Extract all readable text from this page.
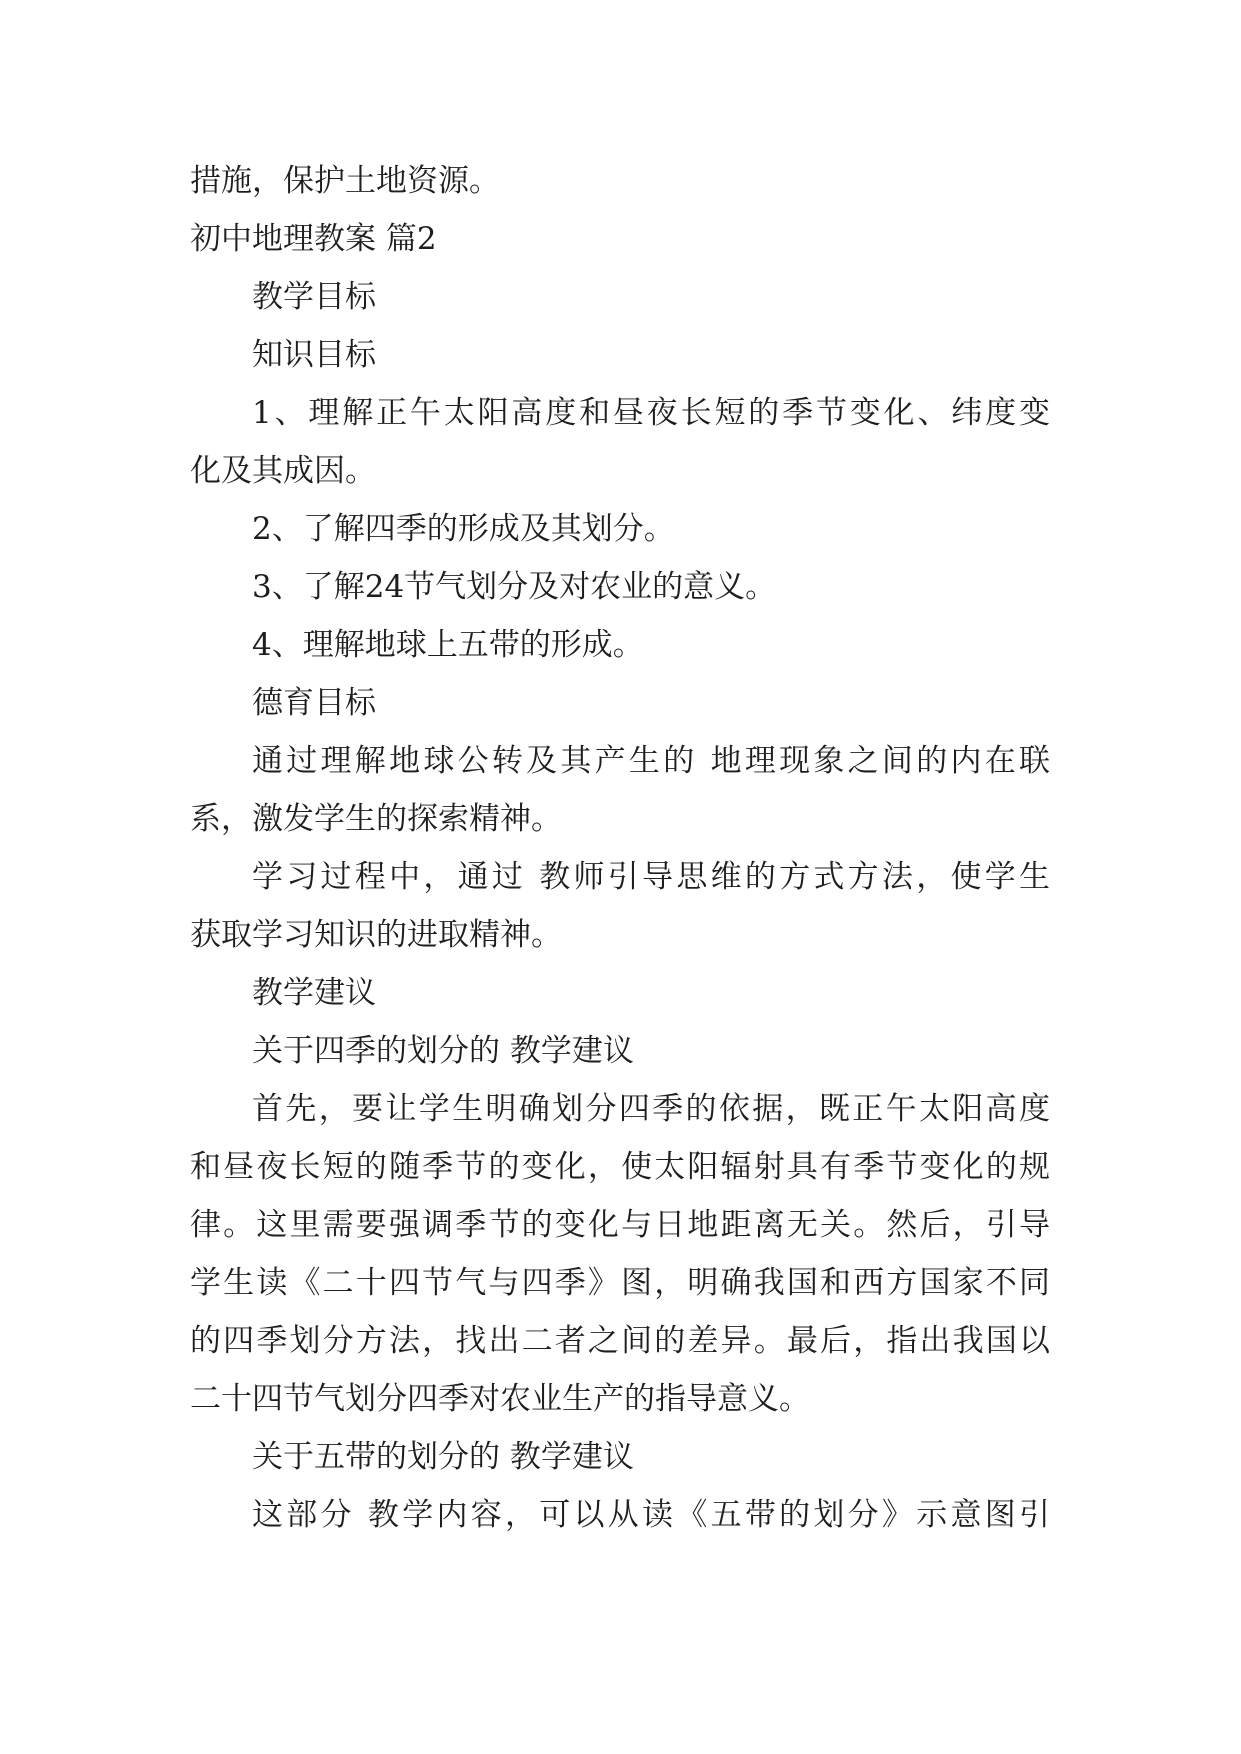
措施，保护土地资源。
初中地理教案 篇2
教学目标
知识目标
1、理解正午太阳高度和昼夜长短的季节变化、纬度变
化及其成因。
2、了解四季的形成及其划分。
3、了解24节气划分及对农业的意义。
4、理解地球上五带的形成。
德育目标
通过理解地球公转及其产生的 地理现象之间的内在联
系，激发学生的探索精神。
学习过程中，通过 教师引导思维的方式方法，使学生
获取学习知识的进取精神。
教学建议
关于四季的划分的 教学建议
首先，要让学生明确划分四季的依据，既正午太阳高度
和昼夜长短的随季节的变化，使太阳辐射具有季节变化的规
律。这里需要强调季节的变化与日地距离无关。然后，引导
学生读《二十四节气与四季》图，明确我国和西方国家不同
的四季划分方法，找出二者之间的差异。最后，指出我国以
二十四节气划分四季对农业生产的指导意义。
关于五带的划分的 教学建议
这部分 教学内容，可以从读《五带的划分》示意图引
